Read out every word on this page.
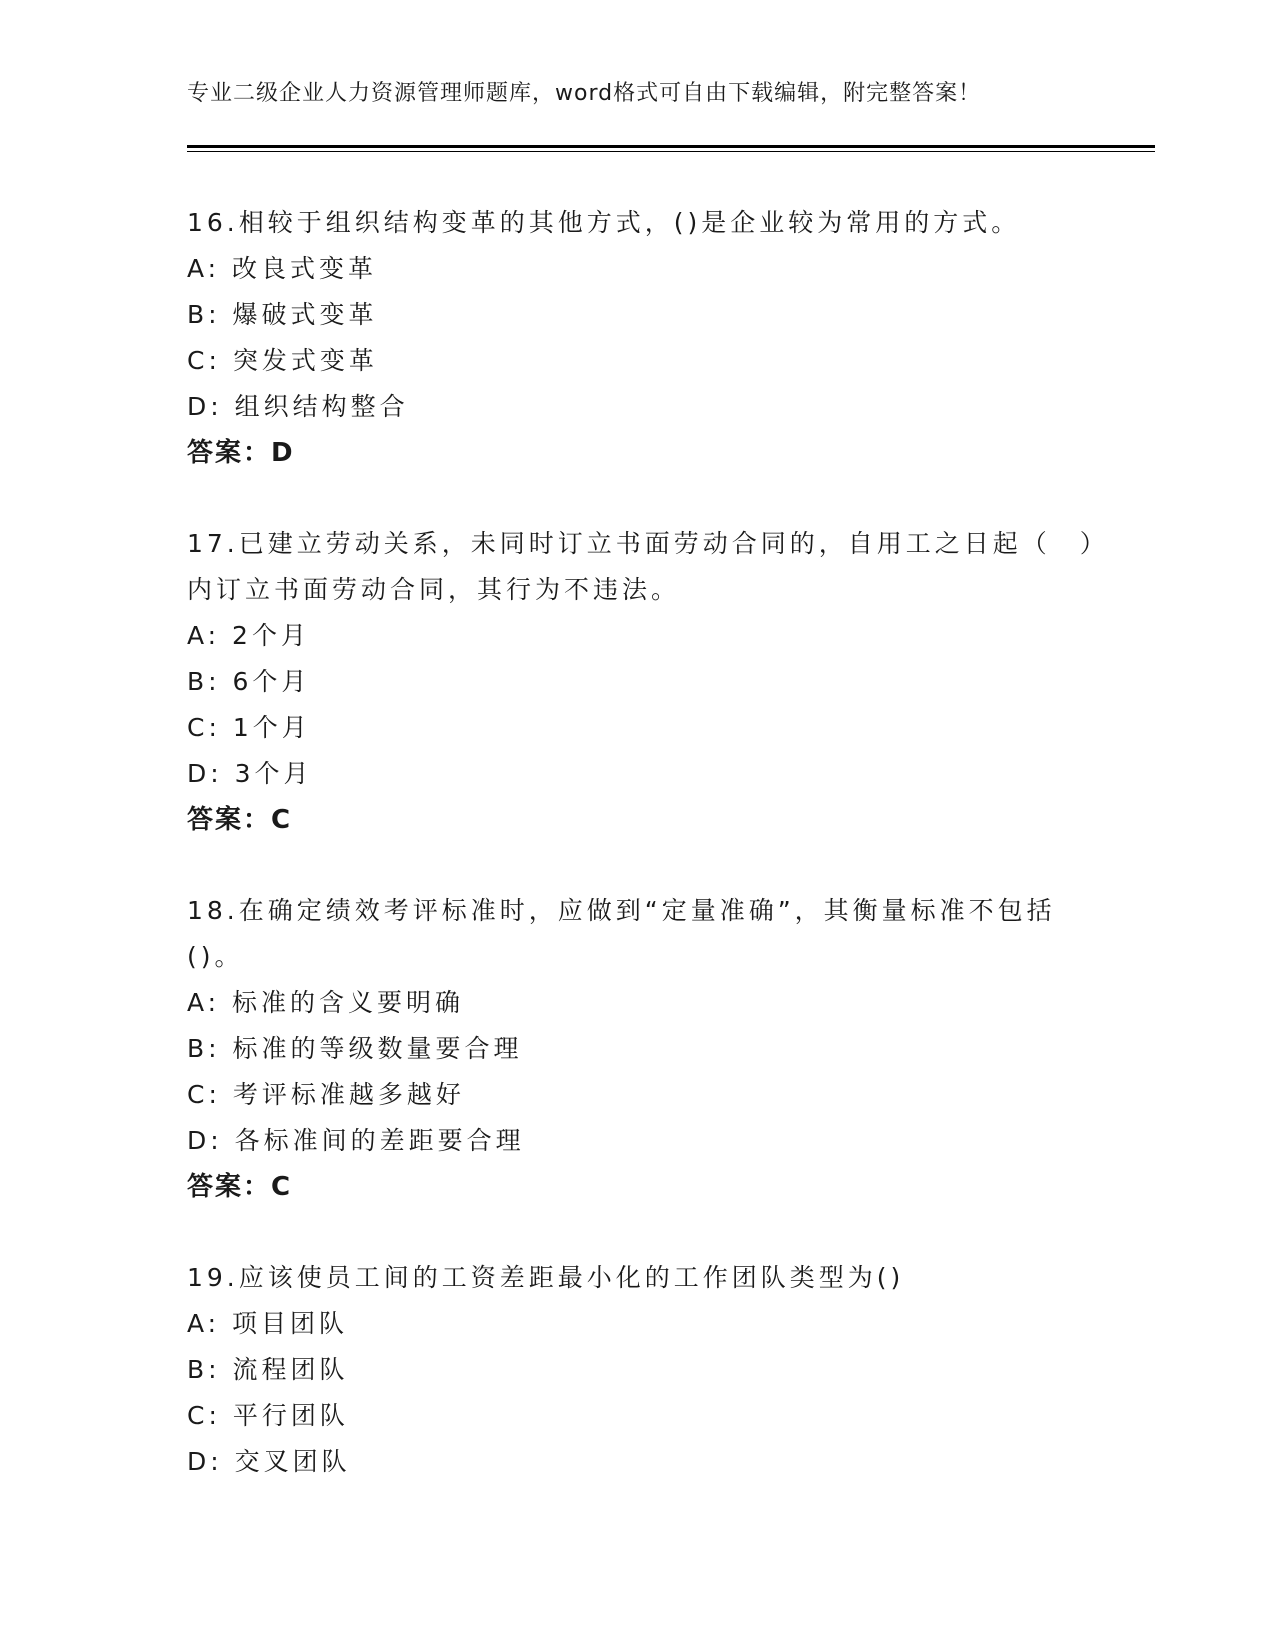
专业二级企业人力资源管理师题库，word格式可自由下载编辑，附完整答案！
16.相较于组织结构变革的其他方式，()是企业较为常用的方式。
A: 改良式变革
B: 爆破式变革
C: 突发式变革
D: 组织结构整合
答案：D
17.已建立劳动关系，未同时订立书面劳动合同的，自用工之日起（　）内订立书面劳动合同，其行为不违法。
A: 2个月
B: 6个月
C: 1个月
D: 3个月
答案：C
18.在确定绩效考评标准时，应做到“定量准确”，其衡量标准不包括()。
A: 标准的含义要明确
B: 标准的等级数量要合理
C: 考评标准越多越好
D: 各标准间的差距要合理
答案：C
19.应该使员工间的工资差距最小化的工作团队类型为()
A: 项目团队
B: 流程团队
C: 平行团队
D: 交叉团队
